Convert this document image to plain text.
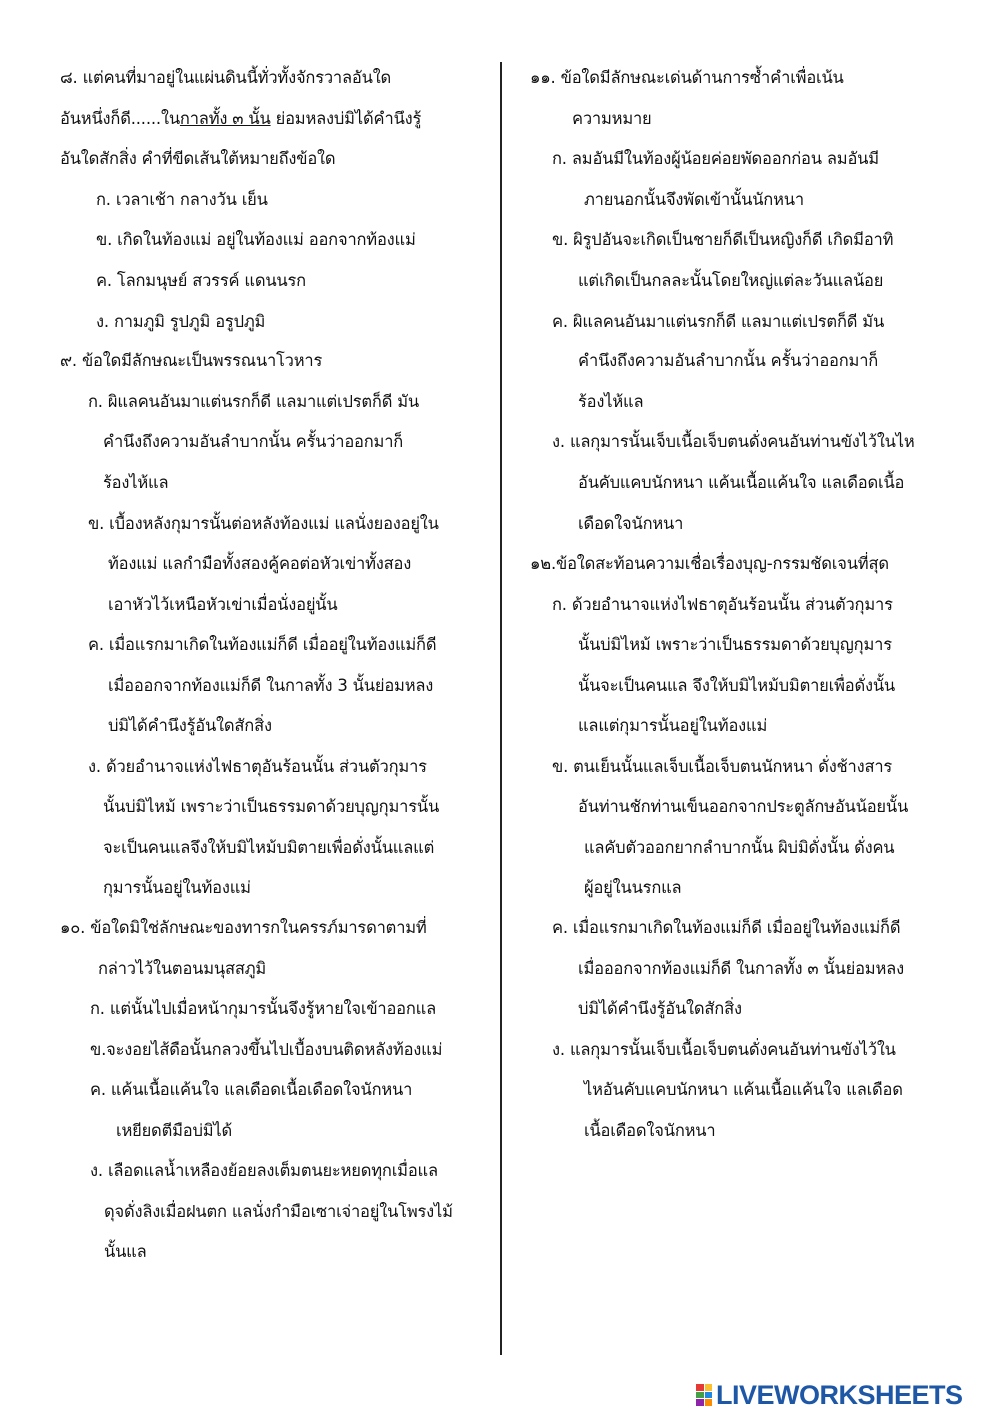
๘. แต่คนที่มาอยู่ในแผ่นดินนี้ทั่วทั้งจักรวาลอันใด
อันหนึ่งก็ดี......ในกาลทั้ง ๓ นั้น ย่อมหลงบ่มิได้คำนึงรู้
อันใดสักสิ่ง คำที่ขีดเส้นใต้หมายถึงข้อใด
ก. เวลาเช้า กลางวัน เย็น
ข. เกิดในท้องแม่ อยู่ในท้องแม่ ออกจากท้องแม่
ค. โลกมนุษย์ สวรรค์ แดนนรก
ง. กามภูมิ รูปภูมิ อรูปภูมิ
๙. ข้อใดมีลักษณะเป็นพรรณนาโวหาร
ก. ผิแลคนอันมาแต่นรกก็ดี แลมาแต่เปรตก็ดี มัน
คำนึงถึงความอันลำบากนั้น ครั้นว่าออกมาก็
ร้องไห้แล
ข. เบื้องหลังกุมารนั้นต่อหลังท้องแม่ แลนั่งยองอยู่ใน
ท้องแม่ แลกำมือทั้งสองคู้คอต่อหัวเข่าทั้งสอง
เอาหัวไว้เหนือหัวเข่าเมื่อนั่งอยู่นั้น
ค. เมื่อแรกมาเกิดในท้องแม่ก็ดี เมื่ออยู่ในท้องแม่ก็ดี
เมื่อออกจากท้องแม่ก็ดี ในกาลทั้ง 3 นั้นย่อมหลง
บ่มิได้คำนึงรู้อันใดสักสิ่ง
ง. ด้วยอำนาจแห่งไฟธาตุอันร้อนนั้น ส่วนตัวกุมาร
นั้นบ่มิไหม้ เพราะว่าเป็นธรรมดาด้วยบุญกุมารนั้น
จะเป็นคนแลจึงให้บมิไหม้บมิตายเพื่อดั่งนั้นแลแต่
กุมารนั้นอยู่ในท้องแม่
๑๐. ข้อใดมิใช่ลักษณะของทารกในครรภ์มารดาตามที่
กล่าวไว้ในตอนมนุสสภูมิ
ก. แต่นั้นไปเมื่อหน้ากุมารนั้นจึงรู้หายใจเข้าออกแล
ข.จะงอยไส้ดือนั้นกลวงขึ้นไปเบื้องบนติดหลังท้องแม่
ค. แค้นเนื้อแค้นใจ แลเดือดเนื้อเดือดใจนักหนา
เหยียดตีมือบ่มิได้
ง. เลือดแลน้ำเหลืองย้อยลงเต็มตนยะหยดทุกเมื่อแล
ดุจดั่งลิงเมื่อฝนตก แลนั่งกำมือเซาเจ่าอยู่ในโพรงไม้
นั้นแล
๑๑. ข้อใดมีลักษณะเด่นด้านการซ้ำคำเพื่อเน้น
ความหมาย
ก. ลมอันมีในท้องผู้น้อยค่อยพัดออกก่อน ลมอันมี
ภายนอกนั้นจึงพัดเข้านั้นนักหนา
ข. ผิรูปอันจะเกิดเป็นชายก็ดีเป็นหญิงก็ดี เกิดมีอาทิ
แต่เกิดเป็นกลละนั้นโดยใหญ่แต่ละวันแลน้อย
ค. ผิแลคนอันมาแต่นรกก็ดี แลมาแต่เปรตก็ดี มัน
คำนึงถึงความอันลำบากนั้น ครั้นว่าออกมาก็
ร้องไห้แล
ง. แลกุมารนั้นเจ็บเนื้อเจ็บตนดั่งคนอันท่านขังไว้ในไห
อันคับแคบนักหนา แค้นเนื้อแค้นใจ แลเดือดเนื้อ
เดือดใจนักหนา
๑๒.ข้อใดสะท้อนความเชื่อเรื่องบุญ-กรรมชัดเจนที่สุด
ก. ด้วยอำนาจแห่งไฟธาตุอันร้อนนั้น ส่วนตัวกุมาร
นั้นบ่มิไหม้ เพราะว่าเป็นธรรมดาด้วยบุญกุมาร
นั้นจะเป็นคนแล จึงให้บมิไหม้บมิตายเพื่อดั่งนั้น
แลแต่กุมารนั้นอยู่ในท้องแม่
ข. ตนเย็นนั้นแลเจ็บเนื้อเจ็บตนนักหนา ดั่งช้างสาร
อันท่านชักท่านเข็นออกจากประตูลักษอันน้อยนั้น
แลคับตัวออกยากลำบากนั้น ผิบ่มิดั่งนั้น ดั่งคน
ผู้อยู่ในนรกแล
ค. เมื่อแรกมาเกิดในท้องแม่ก็ดี เมื่ออยู่ในท้องแม่ก็ดี
เมื่อออกจากท้องแม่ก็ดี ในกาลทั้ง ๓ นั้นย่อมหลง
บ่มิได้คำนึงรู้อันใดสักสิ่ง
ง. แลกุมารนั้นเจ็บเนื้อเจ็บตนดั่งคนอันท่านขังไว้ใน
ไหอันคับแคบนักหนา แค้นเนื้อแค้นใจ แลเดือด
เนื้อเดือดใจนักหนา
LIVEWORKSHEETS
